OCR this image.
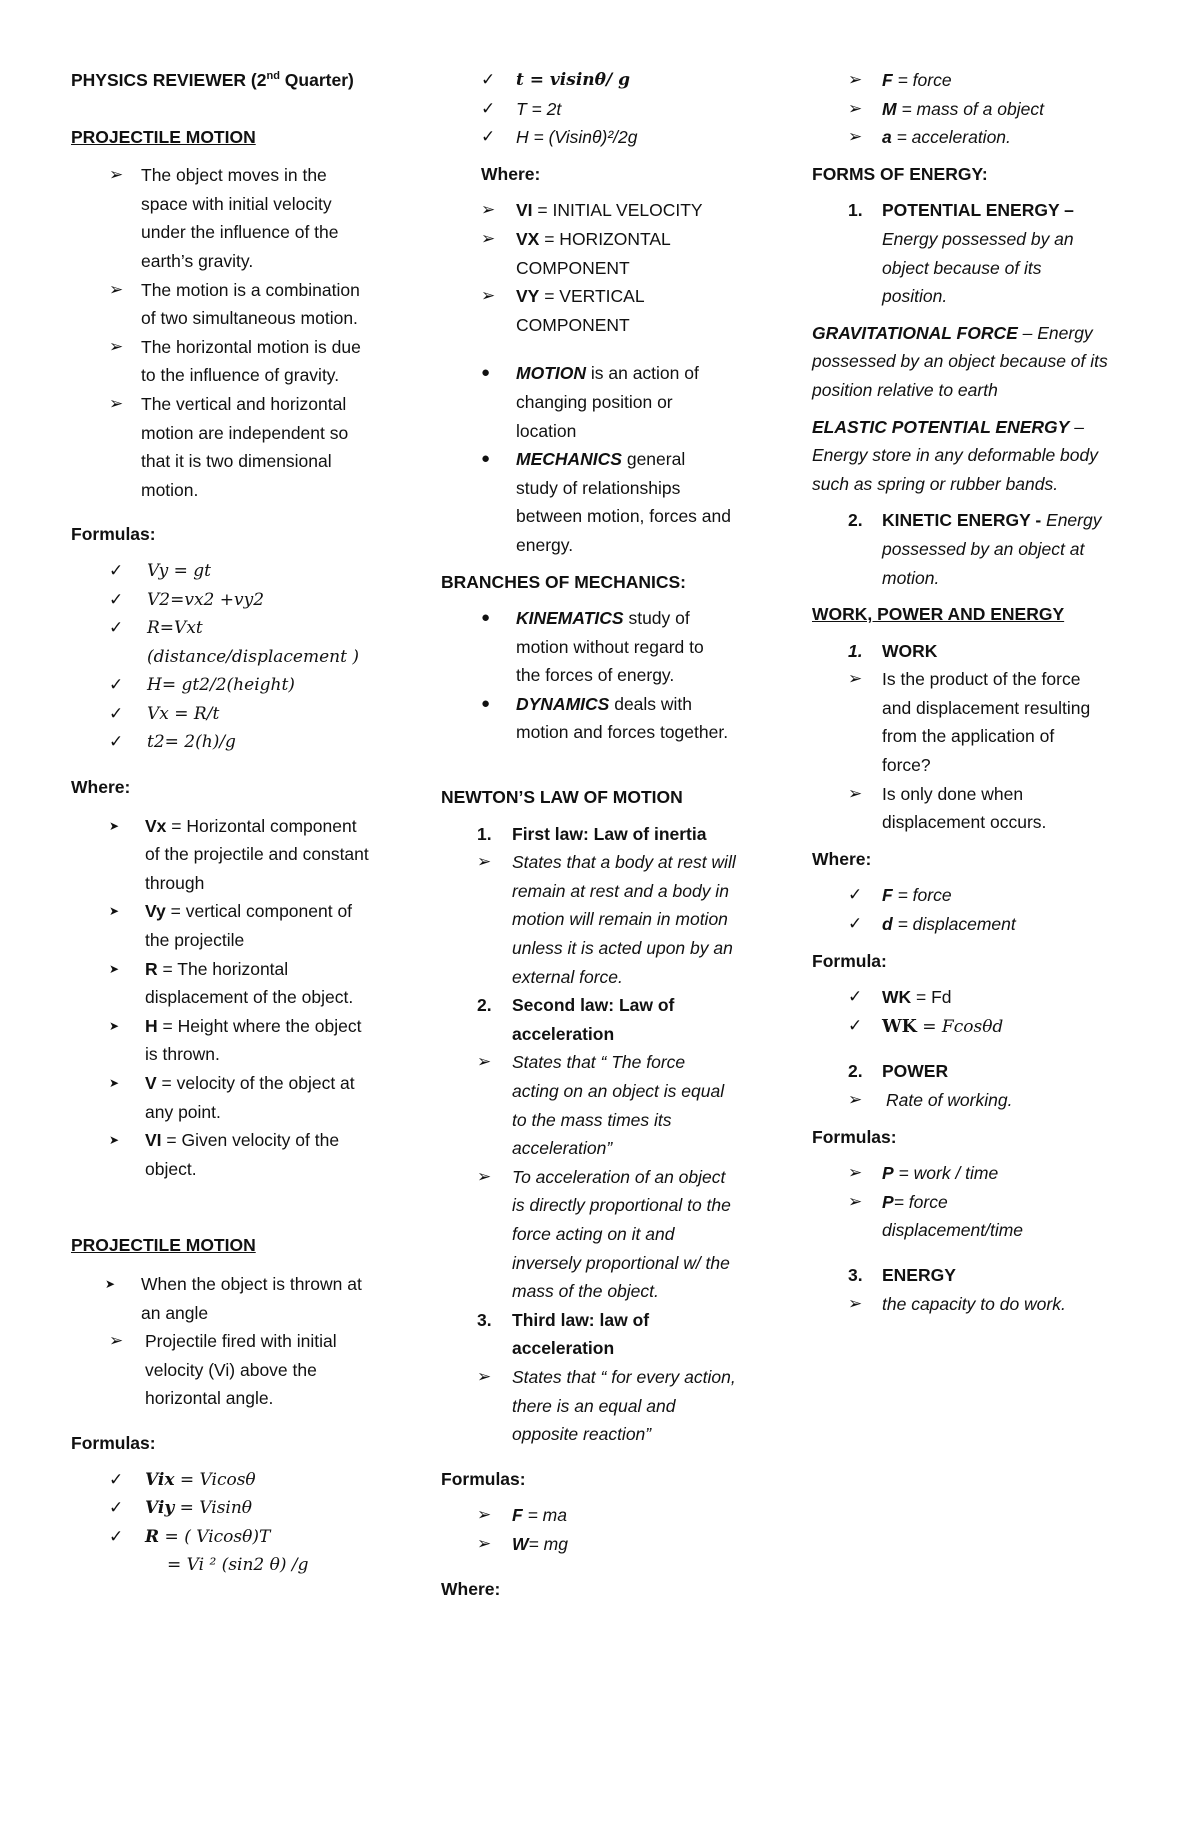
PHYSICS REVIEWER (2nd Quarter)

PROJECTILE MOTION

➢ The object moves in the space with initial velocity under the influence of the earth’s gravity.
➢ The motion is a combination of two simultaneous motion.
➢ The horizontal motion is due to the influence of gravity.
➢ The vertical and horizontal motion are independent so that it is two dimensional motion.

Formulas:

✓ Vy = gt
✓ V2=vx2 +vy2
✓ R=Vxt (distance/displacement )
✓ H= gt2/2(height)
✓ Vx = R/t
✓ t2= 2(h)/g

Where:

➤ Vx = Horizontal component of the projectile and constant through
➤ Vy = vertical component of the projectile
➤ R = The horizontal displacement of the object.
➤ H = Height where the object is thrown.
➤ V = velocity of the object at any point.
➤ VI = Given velocity of the object.

PROJECTILE MOTION

➤ When the object is thrown at an angle
➢ Projectile fired with initial velocity (Vi) above the horizontal angle.

Formulas:

✓ Vix = Vicosθ
✓ Viy = Visinθ
✓ R = ( Vicosθ)T
= Vi ² (sin2 θ) /g
✓ t = visinθ/ g
✓ T = 2t
✓ H = (Visinθ)²/2g

Where:

➢ VI = INITIAL VELOCITY
➢ VX = HORIZONTAL COMPONENT
➢ VY = VERTICAL COMPONENT
● MOTION is an action of changing position or location
● MECHANICS general study of relationships between motion, forces and energy.

BRANCHES OF MECHANICS:

● KINEMATICS study of motion without regard to the forces of energy.
● DYNAMICS deals with motion and forces together.

NEWTON’S LAW OF MOTION

1. First law: Law of inertia
➢ States that a body at rest will remain at rest and a body in motion will remain in motion unless it is acted upon by an external force.
2. Second law: Law of acceleration
➢ States that “ The force acting on an object is equal to the mass times its acceleration”
➢ To acceleration of an object is directly proportional to the force acting on it and inversely proportional w/ the mass of the object.
3. Third law: law of acceleration
➢ States that “ for every action, there is an equal and opposite reaction”

Formulas:

➢ F = ma
➢ W= mg

Where:

➢ F = force
➢ M = mass of a object
➢ a = acceleration.

FORMS OF ENERGY:

1. POTENTIAL ENERGY – Energy possessed by an object because of its position.

GRAVITATIONAL FORCE – Energy possessed by an object because of its position relative to earth

ELASTIC POTENTIAL ENERGY – Energy store in any deformable body such as spring or rubber bands.

2. KINETIC ENERGY - Energy possessed by an object at motion.

WORK, POWER AND ENERGY

1. WORK
➢ Is the product of the force and displacement resulting from the application of force?
➢ Is only done when displacement occurs.

Where:

✓ F = force
✓ d = displacement

Formula:

✓ WK = Fd
✓ WK = Fcosθd
2. POWER
➢ Rate of working.

Formulas:

➢ P = work / time
➢ P= force displacement/time
3. ENERGY
➢ the capacity to do work.
